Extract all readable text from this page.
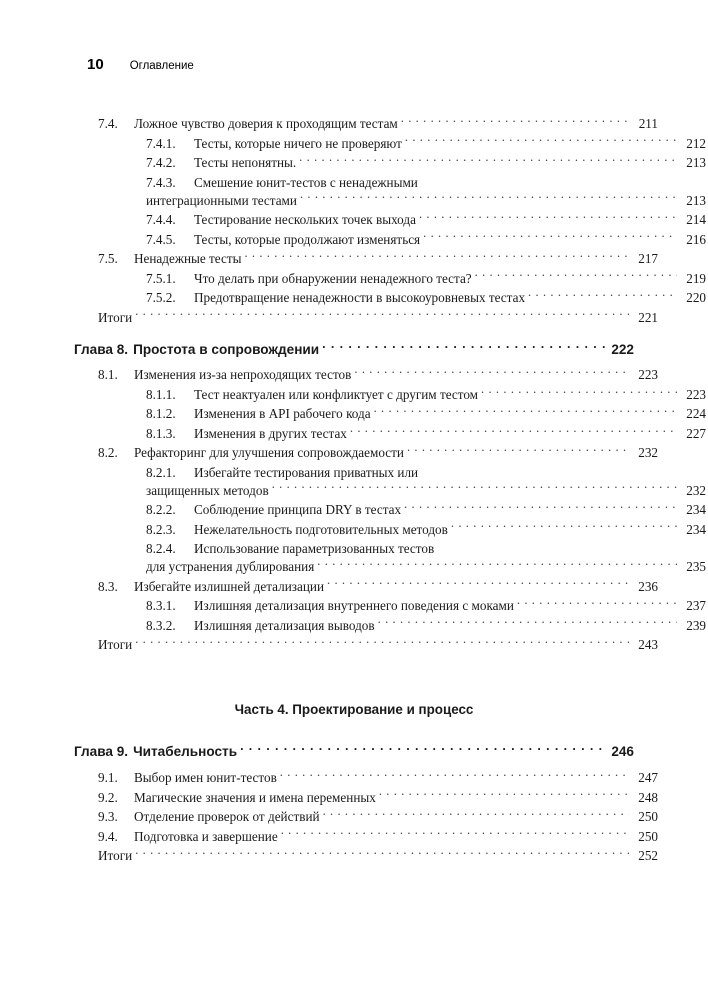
10 Оглавление
7.4.	Ложное чувство доверия к проходящим тестам . . .	211
7.4.1.	Тесты, которые ничего не проверяют . . .	212
7.4.2.	Тесты непонятны. . . .	213
7.4.3.	Смешение юнит-тестов с ненадежными
интеграционными тестами . . .	213
7.4.4.	Тестирование нескольких точек выхода . . .	214
7.4.5.	Тесты, которые продолжают изменяться . . .	216
7.5.	Ненадежные тесты . . .	217
7.5.1.	Что делать при обнаружении ненадежного теста? . . .	219
7.5.2.	Предотвращение ненадежности в высокоуровневых тестах . . .	220
Итоги . . .	221
Глава 8. Простота в сопровождении . . .	222
8.1.	Изменения из-за непроходящих тестов . . .	223
8.1.1.	Тест неактуален или конфликтует с другим тестом . . .	223
8.1.2.	Изменения в API рабочего кода . . .	224
8.1.3.	Изменения в других тестах . . .	227
8.2.	Рефакторинг для улучшения сопровождаемости . . .	232
8.2.1.	Избегайте тестирования приватных или
защищенных методов . . .	232
8.2.2.	Соблюдение принципа DRY в тестах . . .	234
8.2.3.	Нежелательность подготовительных методов . . .	234
8.2.4.	Использование параметризованных тестов
для устранения дублирования . . .	235
8.3.	Избегайте излишней детализации . . .	236
8.3.1.	Излишняя детализация внутреннего поведения с моками . . .	237
8.3.2.	Излишняя детализация выводов . . .	239
Итоги . . .	243
Часть 4. Проектирование и процесс
Глава 9. Читабельность . . .	246
9.1.	Выбор имен юнит-тестов . . .	247
9.2.	Магические значения и имена переменных . . .	248
9.3.	Отделение проверок от действий . . .	250
9.4.	Подготовка и завершение . . .	250
Итоги . . .	252
